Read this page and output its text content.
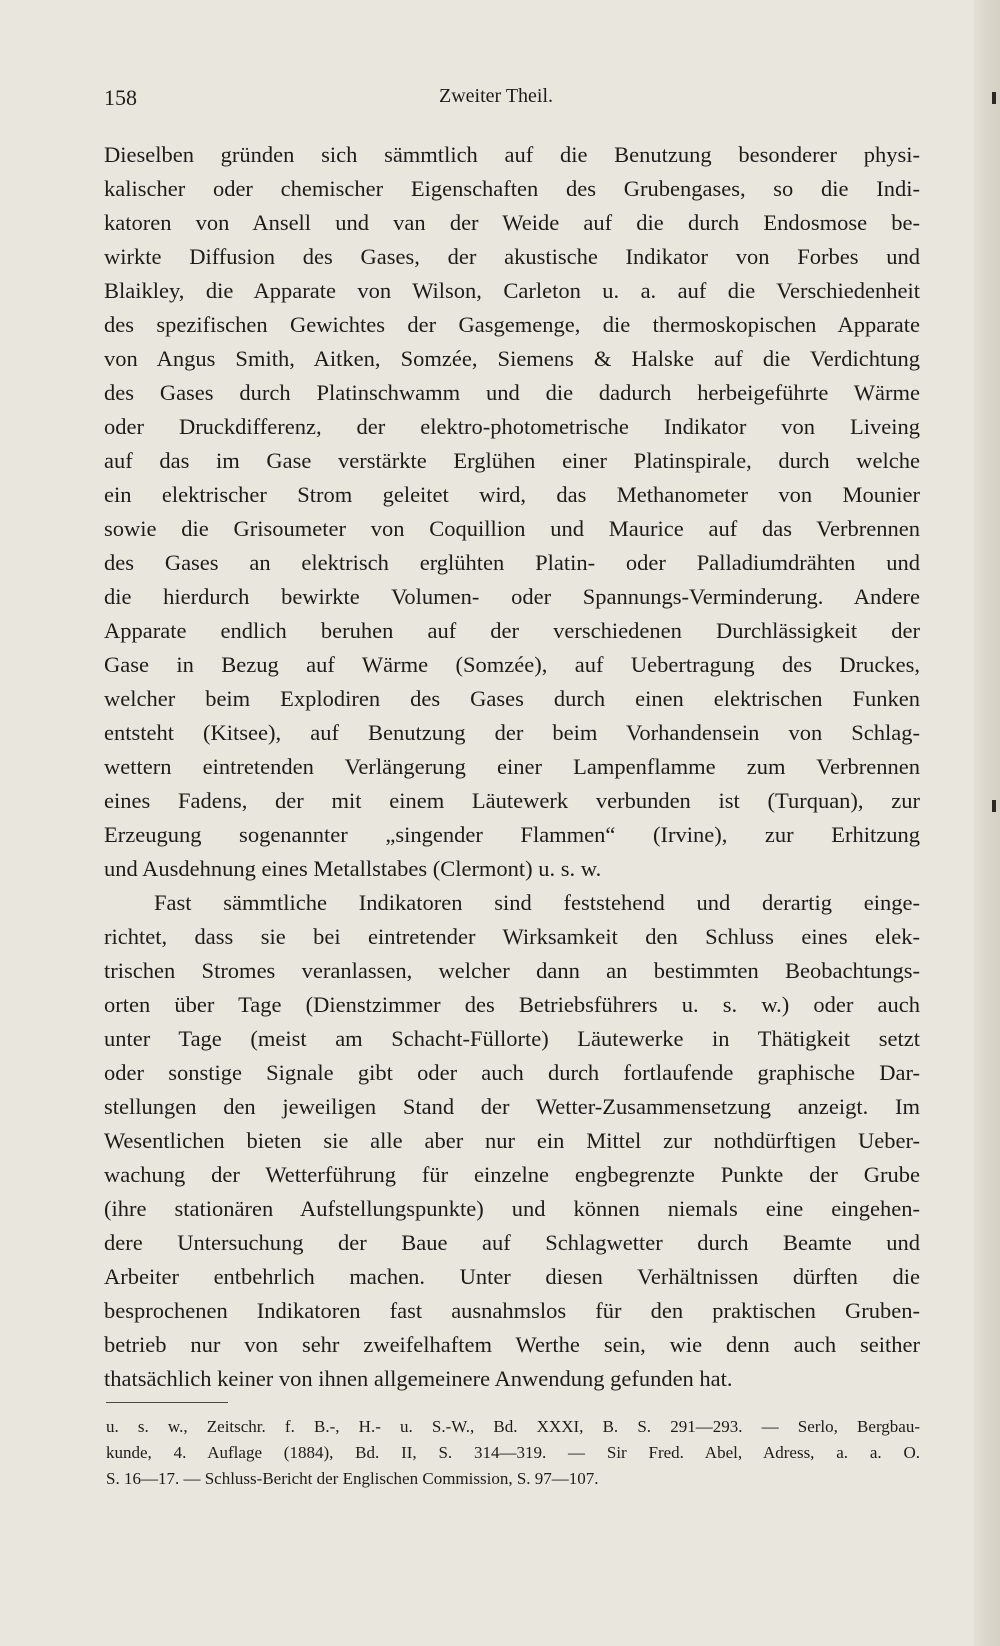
158	Zweiter Theil.
Dieselben gründen sich sämmtlich auf die Benutzung besonderer physi-
kalischer oder chemischer Eigenschaften des Grubengases, so die Indi-
katoren von Ansell und van der Weide auf die durch Endosmose be-
wirkte Diffusion des Gases, der akustische Indikator von Forbes und
Blaikley, die Apparate von Wilson, Carleton u. a. auf die Verschiedenheit
des spezifischen Gewichtes der Gasgemenge, die thermoskopischen Apparate
von Angus Smith, Aitken, Somzée, Siemens & Halske auf die Verdichtung
des Gases durch Platinschwamm und die dadurch herbeigeführte Wärme
oder Druckdifferenz, der elektro-photometrische Indikator von Liveing
auf das im Gase verstärkte Erglühen einer Platinspirale, durch welche
ein elektrischer Strom geleitet wird, das Methanometer von Mounier
sowie die Grisoumeter von Coquillion und Maurice auf das Verbrennen
des Gases an elektrisch erglühten Platin- oder Palladiumdrähten und
die hierdurch bewirkte Volumen- oder Spannungs-Verminderung. Andere
Apparate endlich beruhen auf der verschiedenen Durchlässigkeit der
Gase in Bezug auf Wärme (Somzée), auf Uebertragung des Druckes,
welcher beim Explodiren des Gases durch einen elektrischen Funken
entsteht (Kitsee), auf Benutzung der beim Vorhandensein von Schlag-
wettern eintretenden Verlängerung einer Lampenflamme zum Verbrennen
eines Fadens, der mit einem Läutewerk verbunden ist (Turquan), zur
Erzeugung sogenannter „singender Flammen“ (Irvine), zur Erhitzung
und Ausdehnung eines Metallstabes (Clermont) u. s. w.
Fast sämmtliche Indikatoren sind feststehend und derartig einge-
richtet, dass sie bei eintretender Wirksamkeit den Schluss eines elek-
trischen Stromes veranlassen, welcher dann an bestimmten Beobachtungs-
orten über Tage (Dienstzimmer des Betriebsführers u. s. w.) oder auch
unter Tage (meist am Schacht-Füllorte) Läutewerke in Thätigkeit setzt
oder sonstige Signale gibt oder auch durch fortlaufende graphische Dar-
stellungen den jeweiligen Stand der Wetter-Zusammensetzung anzeigt. Im
Wesentlichen bieten sie alle aber nur ein Mittel zur nothdürftigen Ueber-
wachung der Wetterführung für einzelne engbegrenzte Punkte der Grube
(ihre stationären Aufstellungspunkte) und können niemals eine eingehen-
dere Untersuchung der Baue auf Schlagwetter durch Beamte und
Arbeiter entbehrlich machen. Unter diesen Verhältnissen dürften die
besprochenen Indikatoren fast ausnahmslos für den praktischen Gruben-
betrieb nur von sehr zweifelhaftem Werthe sein, wie denn auch seither
thatsächlich keiner von ihnen allgemeinere Anwendung gefunden hat.
u. s. w., Zeitschr. f. B.-, H.- u. S.-W., Bd. XXXI, B. S. 291—293. — Serlo, Bergbau-
kunde, 4. Auflage (1884), Bd. II, S. 314—319. — Sir Fred. Abel, Adress, a. a. O.
S. 16—17. — Schluss-Bericht der Englischen Commission, S. 97—107.
